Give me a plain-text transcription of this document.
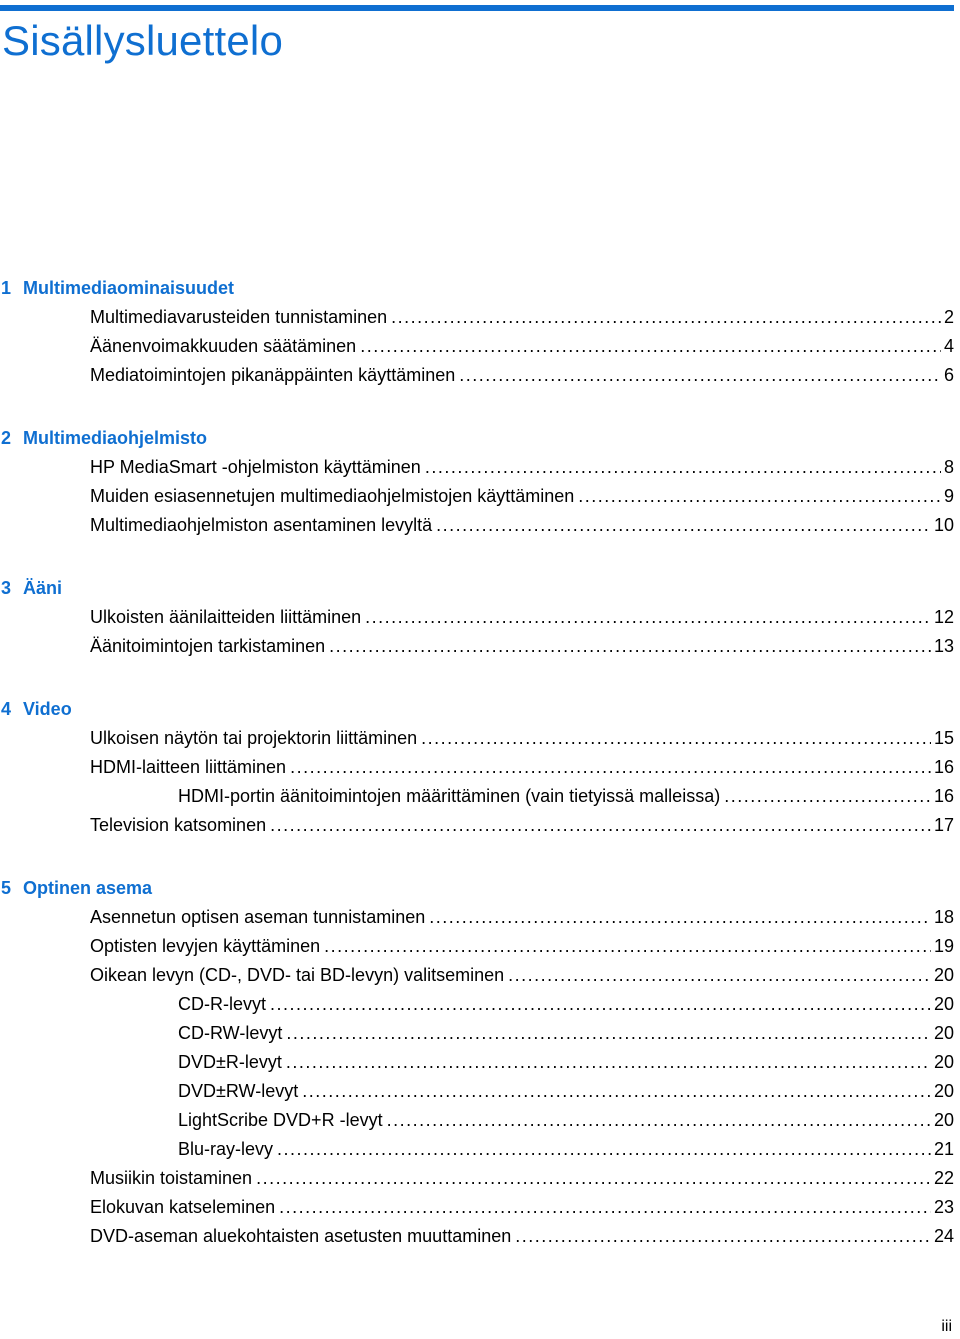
Sisällysluettelo
1 Multimediaominaisuudet
Multimediavarusteiden tunnistaminen .....	2
Äänenvoimakkuuden säätäminen .....	4
Mediatoimintojen pikanäppäinten käyttäminen .....	6
2 Multimediaohjelmisto
HP MediaSmart -ohjelmiston käyttäminen .....	8
Muiden esiasennetujen multimediaohjelmistojen käyttäminen .....	9
Multimediaohjelmiston asentaminen levyltä .....	10
3 Ääni
Ulkoisten äänilaitteiden liittäminen .....	12
Äänitoimintojen tarkistaminen .....	13
4 Video
Ulkoisen näytön tai projektorin liittäminen .....	15
HDMI-laitteen liittäminen .....	16
HDMI-portin äänitoimintojen määrittäminen (vain tietyissä malleissa) .....	16
Television katsominen .....	17
5 Optinen asema
Asennetun optisen aseman tunnistaminen .....	18
Optisten levyjen käyttäminen .....	19
Oikean levyn (CD-, DVD- tai BD-levyn) valitseminen .....	20
CD-R-levyt .....	20
CD-RW-levyt .....	20
DVD±R-levyt .....	20
DVD±RW-levyt .....	20
LightScribe DVD+R -levyt .....	20
Blu-ray-levy .....	21
Musiikin toistaminen .....	22
Elokuvan katseleminen .....	23
DVD-aseman aluekohtaisten asetusten muuttaminen .....	24
iii
